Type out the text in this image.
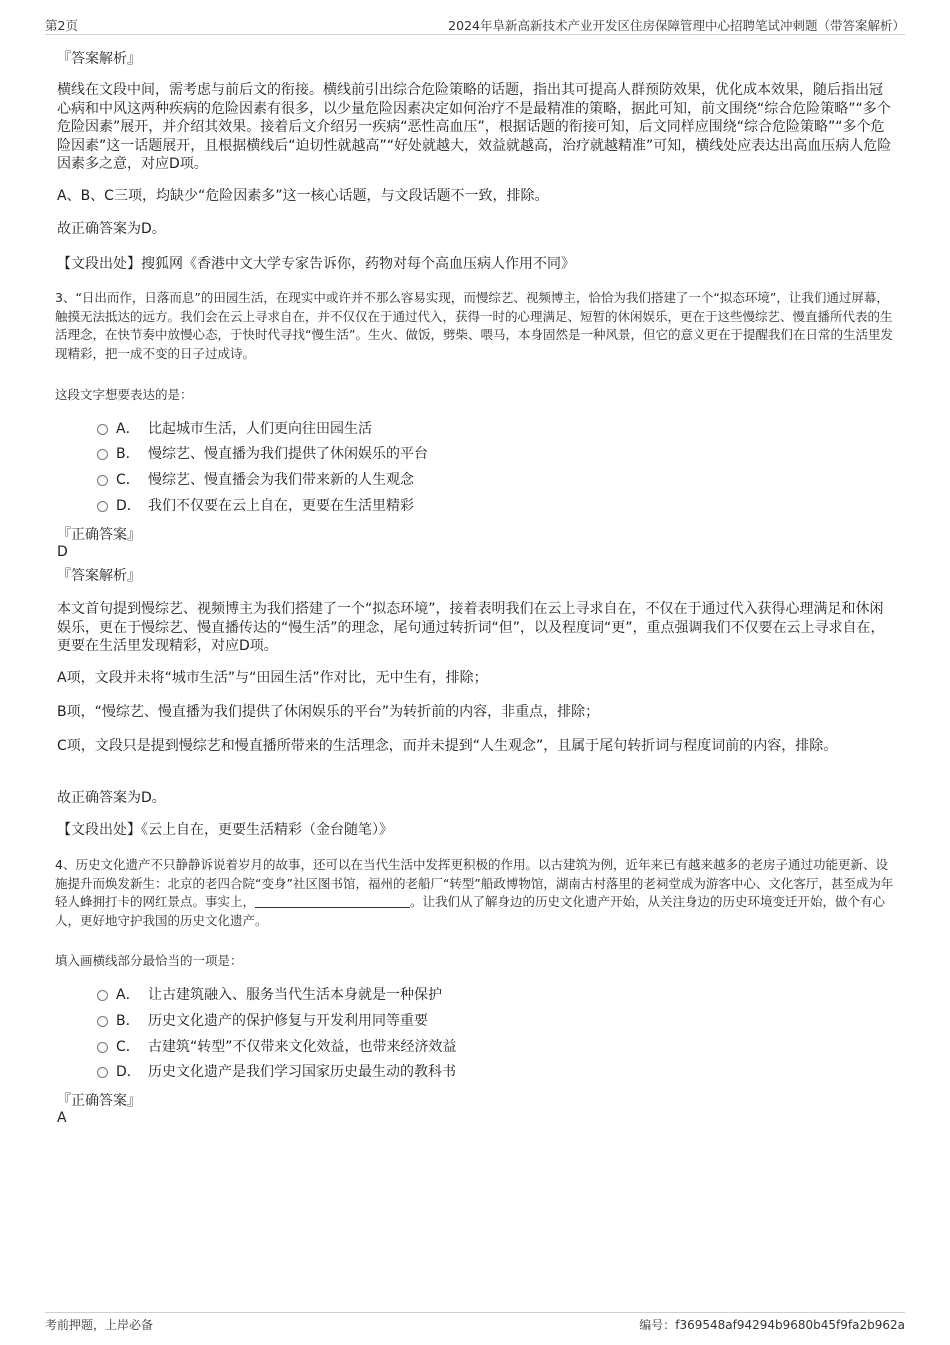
第2页	2024年阜新高新技术产业开发区住房保障管理中心招聘笔试冲刺题（带答案解析）
『答案解析』

横线在文段中间，需考虑与前后文的衔接。横线前引出综合危险策略的话题，指出其可提高人群预防效果，优化成本效果，随后指出冠心病和中风这两种疾病的危险因素有很多，以少量危险因素决定如何治疗不是最精准的策略，据此可知，前文围绕“综合危险策略”“多个危险因素”展开，并介绍其效果。接着后文介绍另一疾病“恶性高血压”，根据话题的衔接可知，后文同样应围绕“综合危险策略”“多个危险因素”这一话题展开，且根据横线后“迫切性就越高”“好处就越大，效益就越高，治疗就越精准”可知，横线处应表达出高血压病人危险因素多之意，对应D项。

A、B、C三项，均缺少“危险因素多”这一核心话题，与文段话题不一致，排除。

故正确答案为D。

【文段出处】搜狐网《香港中文大学专家告诉你，药物对每个高血压病人作用不同》

3、“日出而作，日落而息”的田园生活，在现实中或许并不那么容易实现，而慢综艺、视频博主，恰恰为我们搭建了一个“拟态环境”，让我们通过屏幕，触摸无法抵达的远方。我们会在云上寻求自在，并不仅仅在于通过代入，获得一时的心理满足、短暂的休闲娱乐，更在于这些慢综艺、慢直播所代表的生活理念，在快节奏中放慢心态，于快时代寻找“慢生活”。生火、做饭，劈柴、喂马，本身固然是一种风景，但它的意义更在于提醒我们在日常的生活里发现精彩，把一成不变的日子过成诗。

这段文字想要表达的是：
A． 比起城市生活，人们更向往田园生活
B． 慢综艺、慢直播为我们提供了休闲娱乐的平台
C． 慢综艺、慢直播会为我们带来新的人生观念
D． 我们不仅要在云上自在，更要在生活里精彩
『正确答案』
D
『答案解析』

本文首句提到慢综艺、视频博主为我们搭建了一个“拟态环境”，接着表明我们在云上寻求自在，不仅在于通过代入获得心理满足和休闲娱乐，更在于慢综艺、慢直播传达的“慢生活”的理念，尾句通过转折词“但”，以及程度词“更”，重点强调我们不仅要在云上寻求自在，更要在生活里发现精彩，对应D项。

A项，文段并未将“城市生活”与“田园生活”作对比，无中生有，排除；

B项，“慢综艺、慢直播为我们提供了休闲娱乐的平台”为转折前的内容，非重点，排除；

C项，文段只是提到慢综艺和慢直播所带来的生活理念，而并未提到“人生观念”，且属于尾句转折词与程度词前的内容，排除。

故正确答案为D。

【文段出处】《云上自在，更要生活精彩（金台随笔）》

4、历史文化遗产不只静静诉说着岁月的故事，还可以在当代生活中发挥更积极的作用。以古建筑为例，近年来已有越来越多的老房子通过功能更新、设施提升而焕发新生：北京的老四合院“变身”社区图书馆，福州的老船厂“转型”船政博物馆，湖南古村落里的老祠堂成为游客中心、文化客厅，甚至成为年轻人蜂拥打卡的网红景点。事实上，	。让我们从了解身边的历史文化遗产开始，从关注身边的历史环境变迁开始，做个有心人，更好地守护我国的历史文化遗产。

填入画横线部分最恰当的一项是：
A． 让古建筑融入、服务当代生活本身就是一种保护
B． 历史文化遗产的保护修复与开发利用同等重要
C． 古建筑“转型”不仅带来文化效益，也带来经济效益
D． 历史文化遗产是我们学习国家历史最生动的教科书
『正确答案』
A
考前押题，上岸必备	编号：f369548af94294b9680b45f9fa2b962a
